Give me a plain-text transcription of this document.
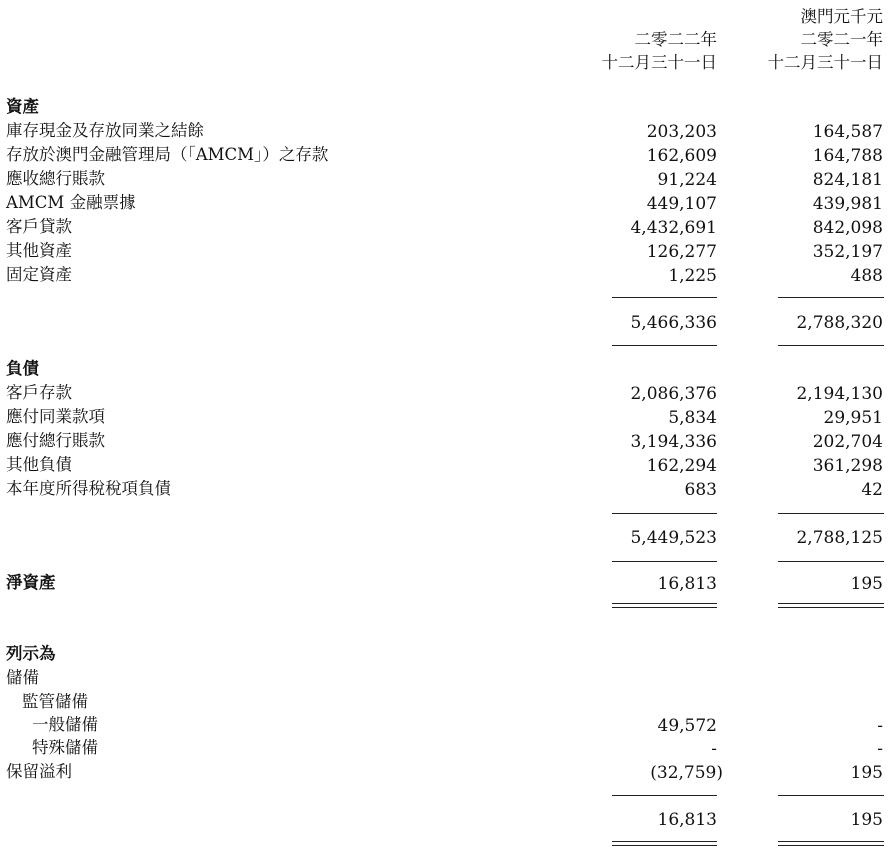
澳門元千元
二零二二年	二零二一年
十二月三十一日	十二月三十一日
資產
庫存現金及存放同業之結餘	203,203	164,587
存放於澳門金融管理局（「AMCM」）之存款	162,609	164,788
應收總行賬款	91,224	824,181
AMCM 金融票據	449,107	439,981
客戶貸款	4,432,691	842,098
其他資產	126,277	352,197
固定資產	1,225	488
5,466,336	2,788,320
負債
客戶存款	2,086,376	2,194,130
應付同業款項	5,834	29,951
應付總行賬款	3,194,336	202,704
其他負債	162,294	361,298
本年度所得稅稅項負債	683	42
5,449,523	2,788,125
淨資產	16,813	195
列示為
儲備
監管儲備
一般儲備	49,572	-
特殊儲備	-	-
保留溢利	(32,759)	195
16,813	195
